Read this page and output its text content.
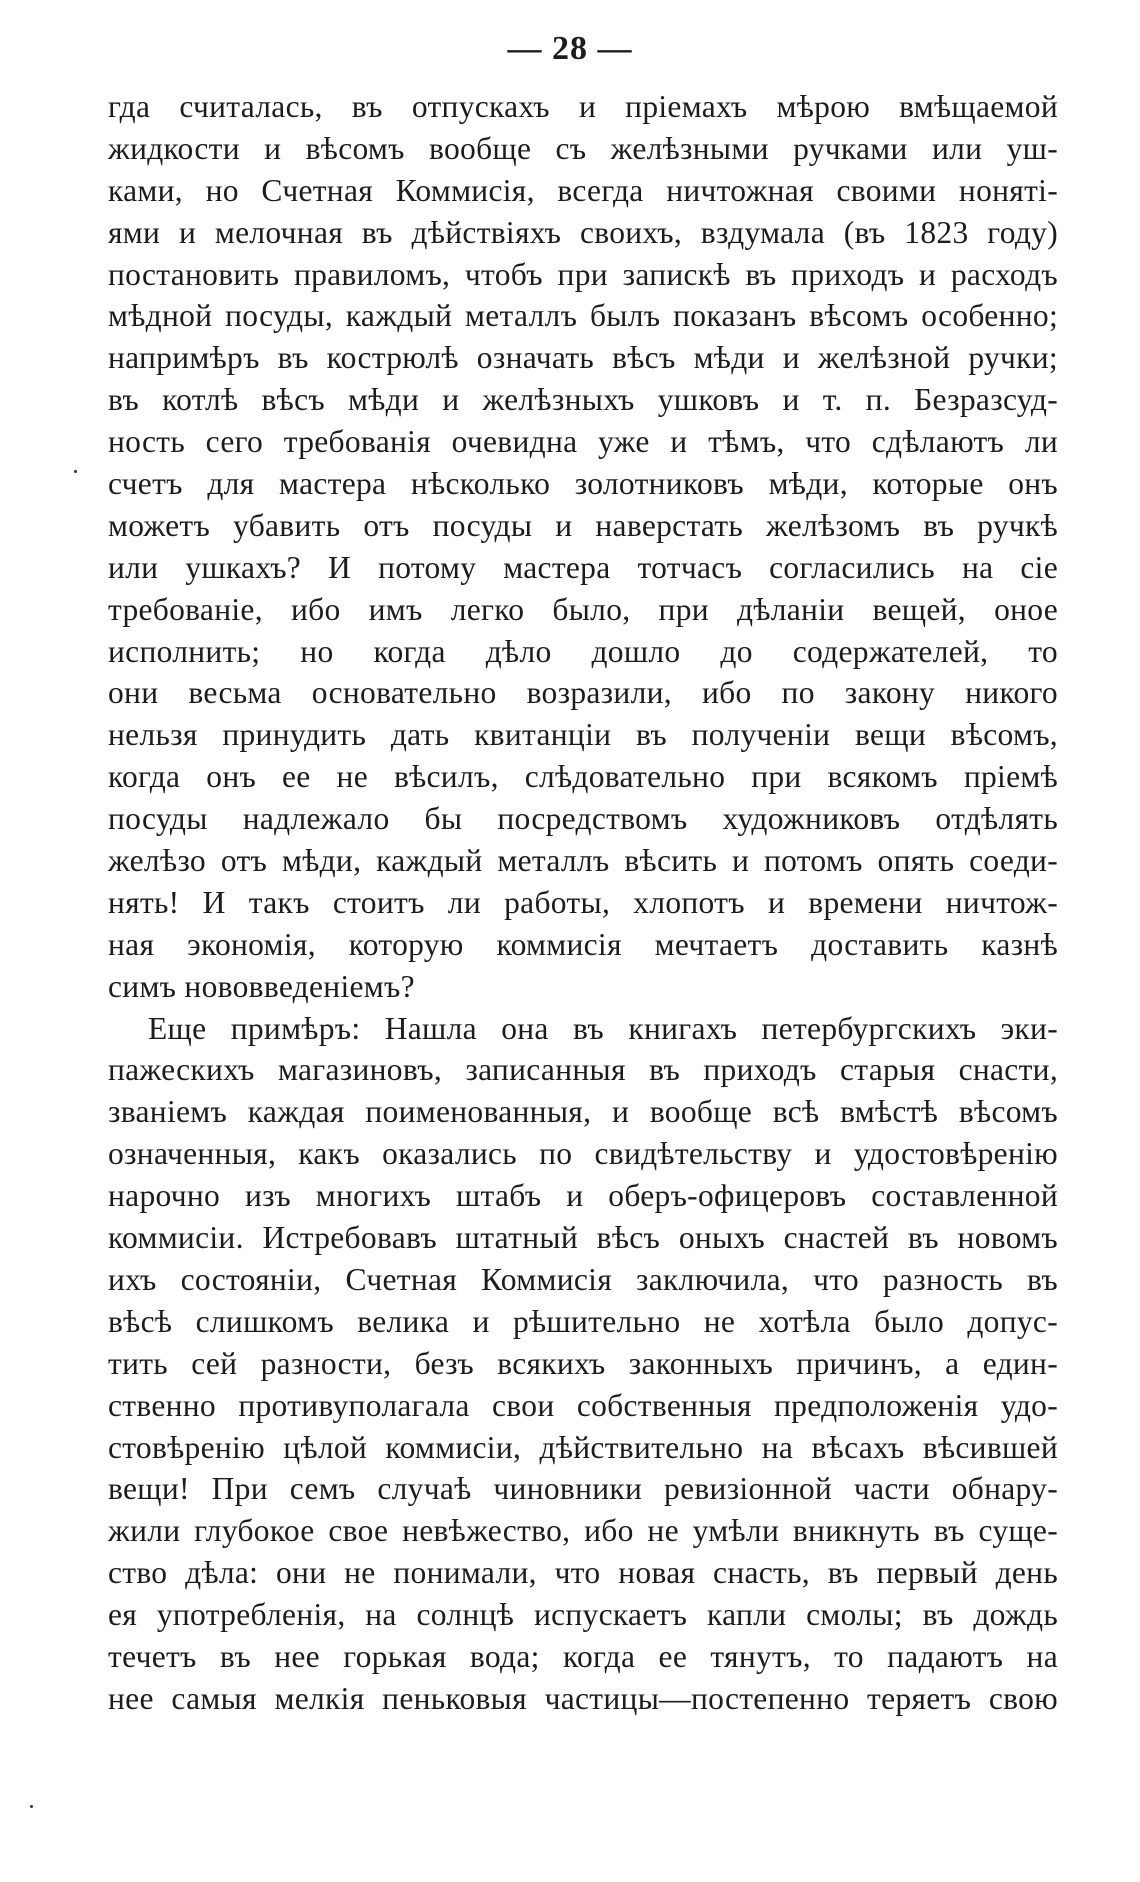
— 28 —
гда считалась, въ отпускахъ и пріемахъ мѣрою вмѣщаемой
жидкости и вѣсомъ вообще съ желѣзными ручками или уш-
ками, но Счетная Коммисія, всегда ничтожная своими нонятi-
ями и мелочная въ дѣйствіяхъ своихъ, вздумала (въ 1823 году)
постановить правиломъ, чтобъ при запискѣ въ приходъ и расходъ
мѣдной посуды, каждый металлъ былъ показанъ вѣсомъ особенно;
напримѣръ въ кострюлѣ означать вѣсъ мѣди и желѣзной ручки;
въ котлѣ вѣсъ мѣди и желѣзныхъ ушковъ и т. п. Безразсуд-
ность сего требованія очевидна уже и тѣмъ, что сдѣлаютъ ли
счетъ для мастера нѣсколько золотниковъ мѣди, которые онъ
можетъ убавить отъ посуды и наверстать желѣзомъ въ ручкѣ
или ушкахъ? И потому мастера тотчасъ согласились на сіе
требованіе, ибо имъ легко было, при дѣланіи вещей, оное
исполнить; но когда дѣло дошло до содержателей, то
они весьма основательно возразили, ибо по закону никого
нельзя принудить дать квитанціи въ полученіи вещи вѣсомъ,
когда онъ ее не вѣсилъ, слѣдовательно при всякомъ пріемѣ
посуды надлежало бы посредствомъ художниковъ отдѣлять
желѣзо отъ мѣди, каждый металлъ вѣсить и потомъ опять соеди-
нять! И такъ стоитъ ли работы, хлопотъ и времени ничтож-
ная экономія, которую коммисія мечтаетъ доставить казнѣ
симъ нововведеніемъ?
Еще примѣръ: Нашла она въ книгахъ петербургскихъ эки-
пажескихъ магазиновъ, записанныя въ приходъ старыя снасти,
званіемъ каждая поименованныя, и вообще всѣ вмѣстѣ вѣсомъ
означенныя, какъ оказались по свидѣтельству и удостовѣренію
нарочно изъ многихъ штабъ и оберъ-офицеровъ составленной
коммисіи. Истребовавъ штатный вѣсъ оныхъ снастей въ новомъ
ихъ состояніи, Счетная Коммисія заключила, что разность въ
вѣсѣ слишкомъ велика и рѣшительно не хотѣла было допус-
тить сей разности, безъ всякихъ законныхъ причинъ, а един-
ственно противуполагала свои собственныя предположенія удо-
стовѣренію цѣлой коммисіи, дѣйствительно на вѣсахъ вѣсившей
вещи! При семъ случаѣ чиновники ревизіонной части обнару-
жили глубокое свое невѣжество, ибо не умѣли вникнуть въ суще-
ство дѣла: они не понимали, что новая снасть, въ первый день
ея употребленія, на солнцѣ испускаетъ капли смолы; въ дождь
течетъ въ нее горькая вода; когда ее тянутъ, то падаютъ на
нее самыя мелкія пеньковыя частицы—постепенно теряетъ свою
